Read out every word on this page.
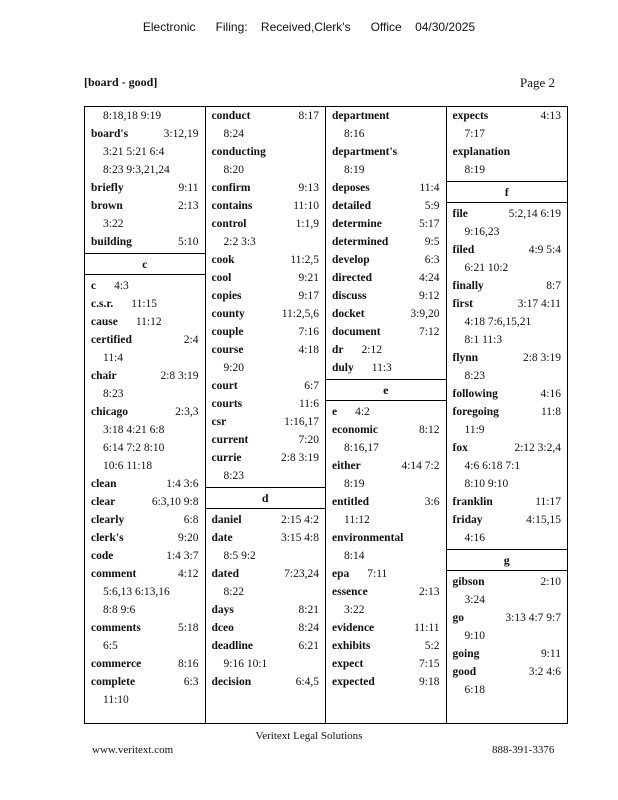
Electronic Filing: Received,Clerk's Office 04/30/2025
[board - good]	Page 2
8:18,18 9:19
board's	3:12,19
3:21 5:21 6:4
8:23 9:3,21,24
briefly	9:11
brown	2:13
3:22
building	5:10
c
c 4:3
c.s.r. 11:15
cause 11:12
certified	2:4
11:4
chair	2:8 3:19
8:23
chicago	2:3,3
3:18 4:21 6:8
6:14 7:2 8:10
10:6 11:18
clean	1:4 3:6
clear	6:3,10 9:8
clearly	6:8
clerk's	9:20
code	1:4 3:7
comment	4:12
5:6,13 6:13,16
8:8 9:6
comments	5:18
6:5
commerce	8:16
complete	6:3
11:10
conduct	8:17
8:24
conducting
8:20
confirm	9:13
contains	11:10
control	1:1,9
2:2 3:3
cook	11:2,5
cool	9:21
copies	9:17
county	11:2,5,6
couple	7:16
course	4:18
9:20
court	6:7
courts	11:6
csr	1:16,17
current	7:20
currie	2:8 3:19
8:23
d
daniel	2:15 4:2
date	3:15 4:8
8:5 9:2
dated	7:23,24
8:22
days	8:21
dceo	8:24
deadline	6:21
9:16 10:1
decision	6:4,5
department
8:16
department's
8:19
deposes	11:4
detailed	5:9
determine	5:17
determined	9:5
develop	6:3
directed	4:24
discuss	9:12
docket	3:9,20
document	7:12
dr 2:12
duly 11:3
e
e 4:2
economic	8:12
8:16,17
either	4:14 7:2
8:19
entitled	3:6
11:12
environmental
8:14
epa 7:11
essence	2:13
3:22
evidence	11:11
exhibits	5:2
expect	7:15
expected	9:18
expects	4:13
7:17
explanation
8:19
f
file	5:2,14 6:19
9:16,23
filed	4:9 5:4
6:21 10:2
finally	8:7
first	3:17 4:11
4:18 7:6,15,21
8:1 11:3
flynn	2:8 3:19
8:23
following	4:16
foregoing	11:8
11:9
fox	2:12 3:2,4
4:6 6:18 7:1
8:10 9:10
franklin	11:17
friday	4:15,15
4:16
g
gibson	2:10
3:24
go	3:13 4:7 9:7
9:10
going	9:11
good	3:2 4:6
6:18
Veritext Legal Solutions
www.veritext.com	888-391-3376
